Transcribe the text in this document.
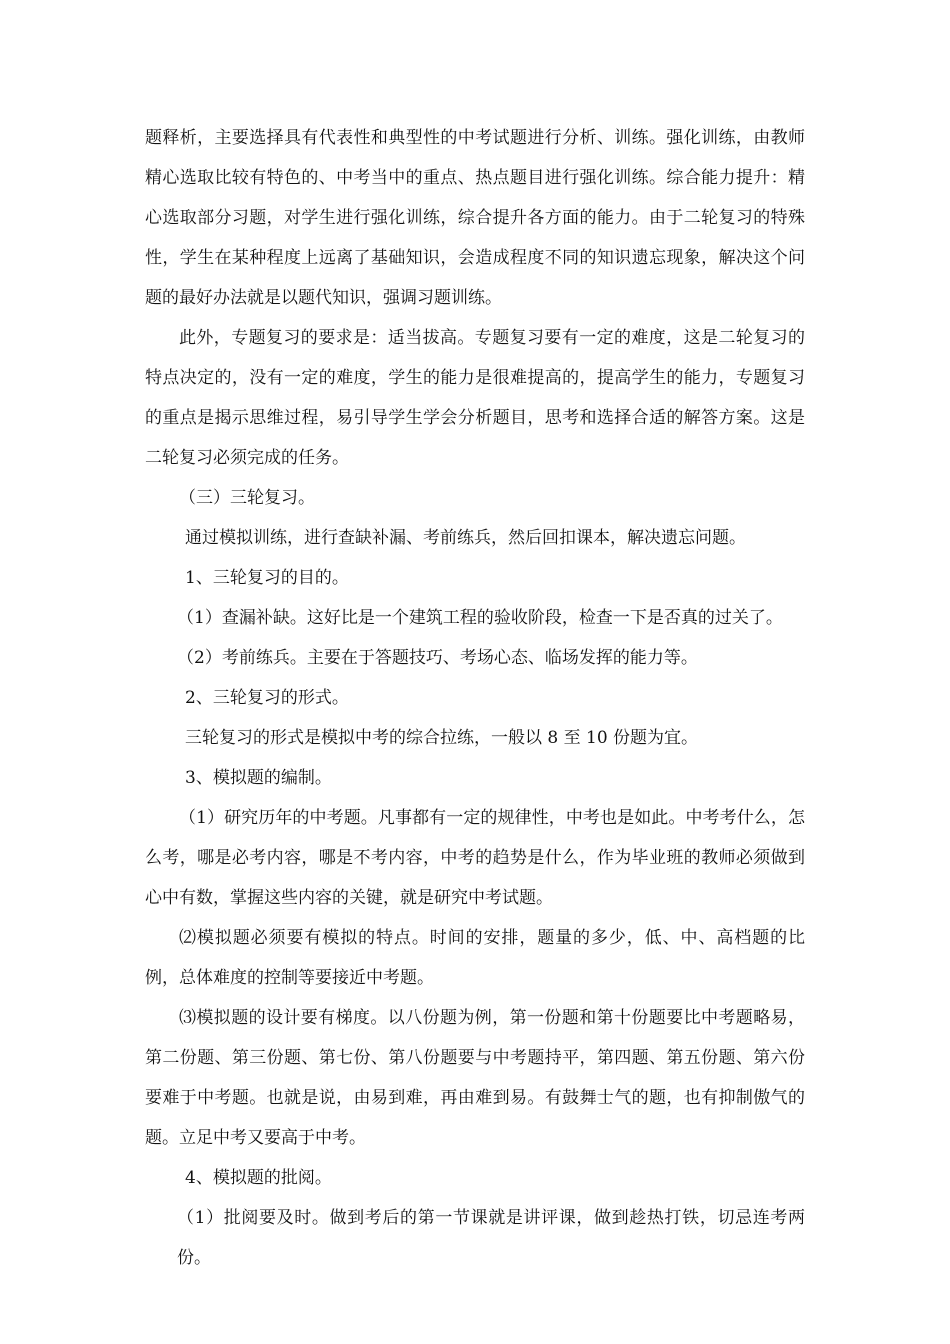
题释析，主要选择具有代表性和典型性的中考试题进行分析、训练。强化训练，由教师精心选取比较有特色的、中考当中的重点、热点题目进行强化训练。综合能力提升：精心选取部分习题，对学生进行强化训练，综合提升各方面的能力。由于二轮复习的特殊性，学生在某种程度上远离了基础知识，会造成程度不同的知识遗忘现象，解决这个问题的最好办法就是以题代知识，强调习题训练。

此外，专题复习的要求是：适当拔高。专题复习要有一定的难度，这是二轮复习的特点决定的，没有一定的难度，学生的能力是很难提高的，提高学生的能力，专题复习的重点是揭示思维过程，易引导学生学会分析题目，思考和选择合适的解答方案。这是二轮复习必须完成的任务。

（三）三轮复习。

通过模拟训练，进行查缺补漏、考前练兵，然后回扣课本，解决遗忘问题。

1、三轮复习的目的。

（1）查漏补缺。这好比是一个建筑工程的验收阶段，检查一下是否真的过关了。

（2）考前练兵。主要在于答题技巧、考场心态、临场发挥的能力等。

2、三轮复习的形式。

三轮复习的形式是模拟中考的综合拉练，一般以 8 至 10 份题为宜。

3、模拟题的编制。

（1）研究历年的中考题。凡事都有一定的规律性，中考也是如此。中考考什么，怎么考，哪是必考内容，哪是不考内容，中考的趋势是什么，作为毕业班的教师必须做到心中有数，掌握这些内容的关键，就是研究中考试题。

⑵模拟题必须要有模拟的特点。时间的安排，题量的多少，低、中、高档题的比例，总体难度的控制等要接近中考题。

⑶模拟题的设计要有梯度。以八份题为例，第一份题和第十份题要比中考题略易，第二份题、第三份题、第七份、第八份题要与中考题持平，第四题、第五份题、第六份要难于中考题。也就是说，由易到难，再由难到易。有鼓舞士气的题，也有抑制傲气的题。立足中考又要高于中考。

4、模拟题的批阅。

（1）批阅要及时。做到考后的第一节课就是讲评课，做到趁热打铁，切忌连考两份。
